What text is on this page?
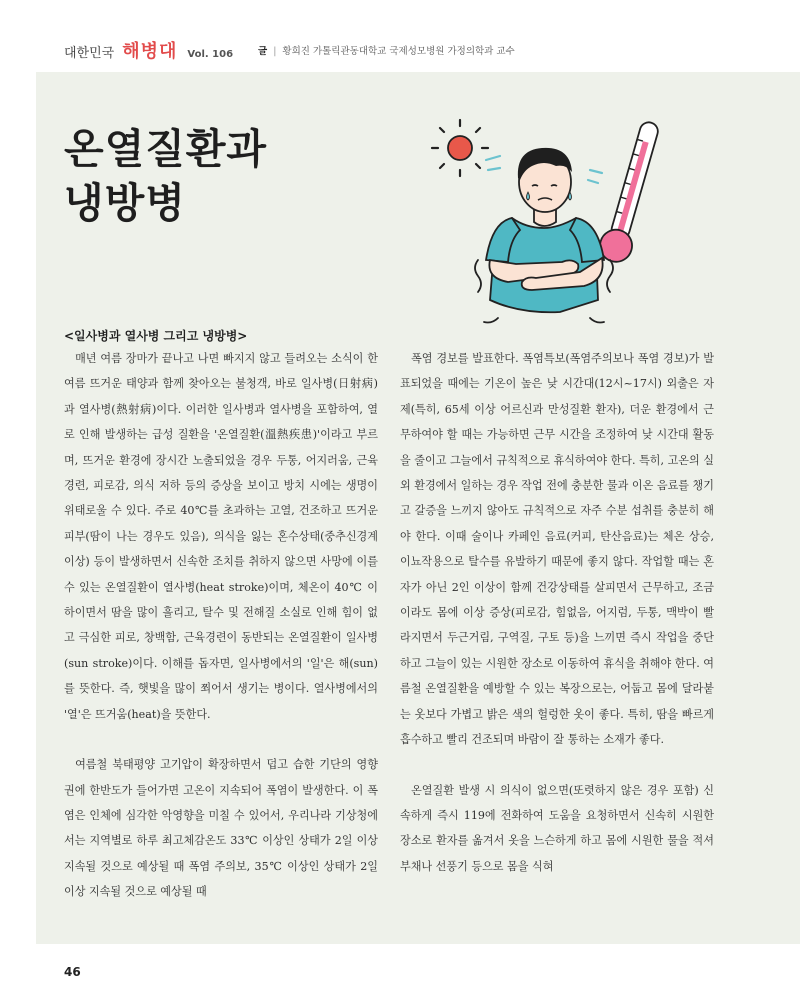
대한민국 해병대 Vol. 106	글 | 황희진 가톨릭관동대학교 국제성모병원 가정의학과 교수
온열질환과
냉방병
<일사병과 열사병 그리고 냉방병>

매년 여름 장마가 끝나고 나면 빠지지 않고 들려오는 소식이 한여름 뜨거운 태양과 함께 찾아오는 불청객, 바로 일사병(日射病)과 열사병(熱射病)이다. 이러한 일사병과 열사병을 포함하여, 열로 인해 발생하는 급성 질환을 '온열질환(溫熱疾患)'이라고 부르며, 뜨거운 환경에 장시간 노출되었을 경우 두통, 어지러움, 근육경련, 피로감, 의식 저하 등의 증상을 보이고 방치 시에는 생명이 위태로울 수 있다. 주로 40℃를 초과하는 고열, 건조하고 뜨거운 피부(땀이 나는 경우도 있음), 의식을 잃는 혼수상태(중추신경계 이상) 등이 발생하면서 신속한 조치를 취하지 않으면 사망에 이를 수 있는 온열질환이 열사병(heat stroke)이며, 체온이 40℃ 이하이면서 땀을 많이 흘리고, 탈수 및 전해질 소실로 인해 힘이 없고 극심한 피로, 창백함, 근육경련이 동반되는 온열질환이 일사병(sun stroke)이다. 이해를 돕자면, 일사병에서의 '일'은 해(sun)를 뜻한다. 즉, 햇빛을 많이 쬐어서 생기는 병이다. 열사병에서의 '열'은 뜨거움(heat)을 뜻한다.

여름철 북태평양 고기압이 확장하면서 덥고 습한 기단의 영향권에 한반도가 들어가면 고온이 지속되어 폭염이 발생한다. 이 폭염은 인체에 심각한 악영향을 미칠 수 있어서, 우리나라 기상청에서는 지역별로 하루 최고체감온도 33℃ 이상인 상태가 2일 이상 지속될 것으로 예상될 때 폭염 주의보, 35℃ 이상인 상태가 2일 이상 지속될 것으로 예상될 때

폭염 경보를 발표한다. 폭염특보(폭염주의보나 폭염 경보)가 발표되었을 때에는 기온이 높은 낮 시간대(12시~17시) 외출은 자제(특히, 65세 이상 어르신과 만성질환 환자), 더운 환경에서 근무하여야 할 때는 가능하면 근무 시간을 조정하여 낮 시간대 활동을 줄이고 그늘에서 규칙적으로 휴식하여야 한다. 특히, 고온의 실외 환경에서 일하는 경우 작업 전에 충분한 물과 이온 음료를 챙기고 갈증을 느끼지 않아도 규칙적으로 자주 수분 섭취를 충분히 해야 한다. 이때 술이나 카페인 음료(커피, 탄산음료)는 체온 상승, 이뇨작용으로 탈수를 유발하기 때문에 좋지 않다. 작업할 때는 혼자가 아닌 2인 이상이 함께 건강상태를 살피면서 근무하고, 조금이라도 몸에 이상 증상(피로감, 힘없음, 어지럼, 두통, 맥박이 빨라지면서 두근거림, 구역질, 구토 등)을 느끼면 즉시 작업을 중단하고 그늘이 있는 시원한 장소로 이동하여 휴식을 취해야 한다. 여름철 온열질환을 예방할 수 있는 복장으로는, 어둡고 몸에 달라붙는 옷보다 가볍고 밝은 색의 헐렁한 옷이 좋다. 특히, 땀을 빠르게 흡수하고 빨리 건조되며 바람이 잘 통하는 소재가 좋다.

온열질환 발생 시 의식이 없으면(또렷하지 않은 경우 포함) 신속하게 즉시 119에 전화하여 도움을 요청하면서 신속히 시원한 장소로 환자를 옮겨서 옷을 느슨하게 하고 몸에 시원한 물을 적셔 부채나 선풍기 등으로 몸을 식혀

46
